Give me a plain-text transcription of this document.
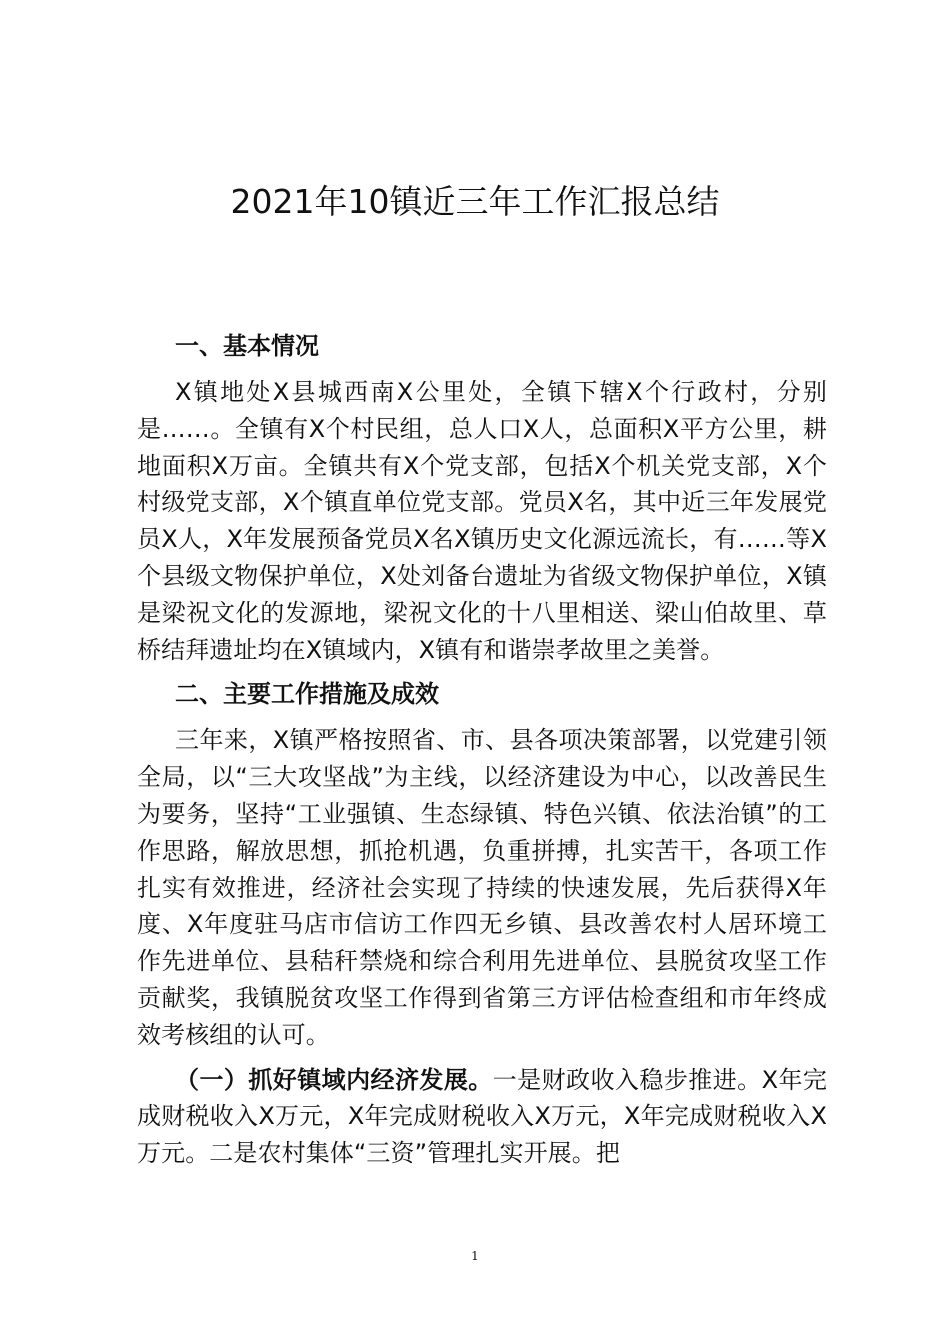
2021年10镇近三年工作汇报总结
一、基本情况

X镇地处X县城西南X公里处，全镇下辖X个行政村，分别是……。全镇有X个村民组，总人口X人，总面积X平方公里，耕地面积X万亩。全镇共有X个党支部，包括X个机关党支部，X个村级党支部，X个镇直单位党支部。党员X名，其中近三年发展党员X人，X年发展预备党员X名X镇历史文化源远流长，有……等X个县级文物保护单位，X处刘备台遗址为省级文物保护单位，X镇是梁祝文化的发源地，梁祝文化的十八里相送、梁山伯故里、草桥结拜遗址均在X镇域内，X镇有和谐崇孝故里之美誉。

二、主要工作措施及成效

三年来，X镇严格按照省、市、县各项决策部署，以党建引领全局，以“三大攻坚战”为主线，以经济建设为中心，以改善民生为要务，坚持“工业强镇、生态绿镇、特色兴镇、依法治镇”的工作思路，解放思想，抓抢机遇，负重拼搏，扎实苦干，各项工作扎实有效推进，经济社会实现了持续的快速发展，先后获得X年度、X年度驻马店市信访工作四无乡镇、县改善农村人居环境工作先进单位、县秸秆禁烧和综合利用先进单位、县脱贫攻坚工作贡献奖，我镇脱贫攻坚工作得到省第三方评估检查组和市年终成效考核组的认可。

（一）抓好镇域内经济发展。一是财政收入稳步推进。X年完成财税收入X万元，X年完成财税收入X万元，X年完成财税收入X万元。二是农村集体“三资”管理扎实开展。把

1
